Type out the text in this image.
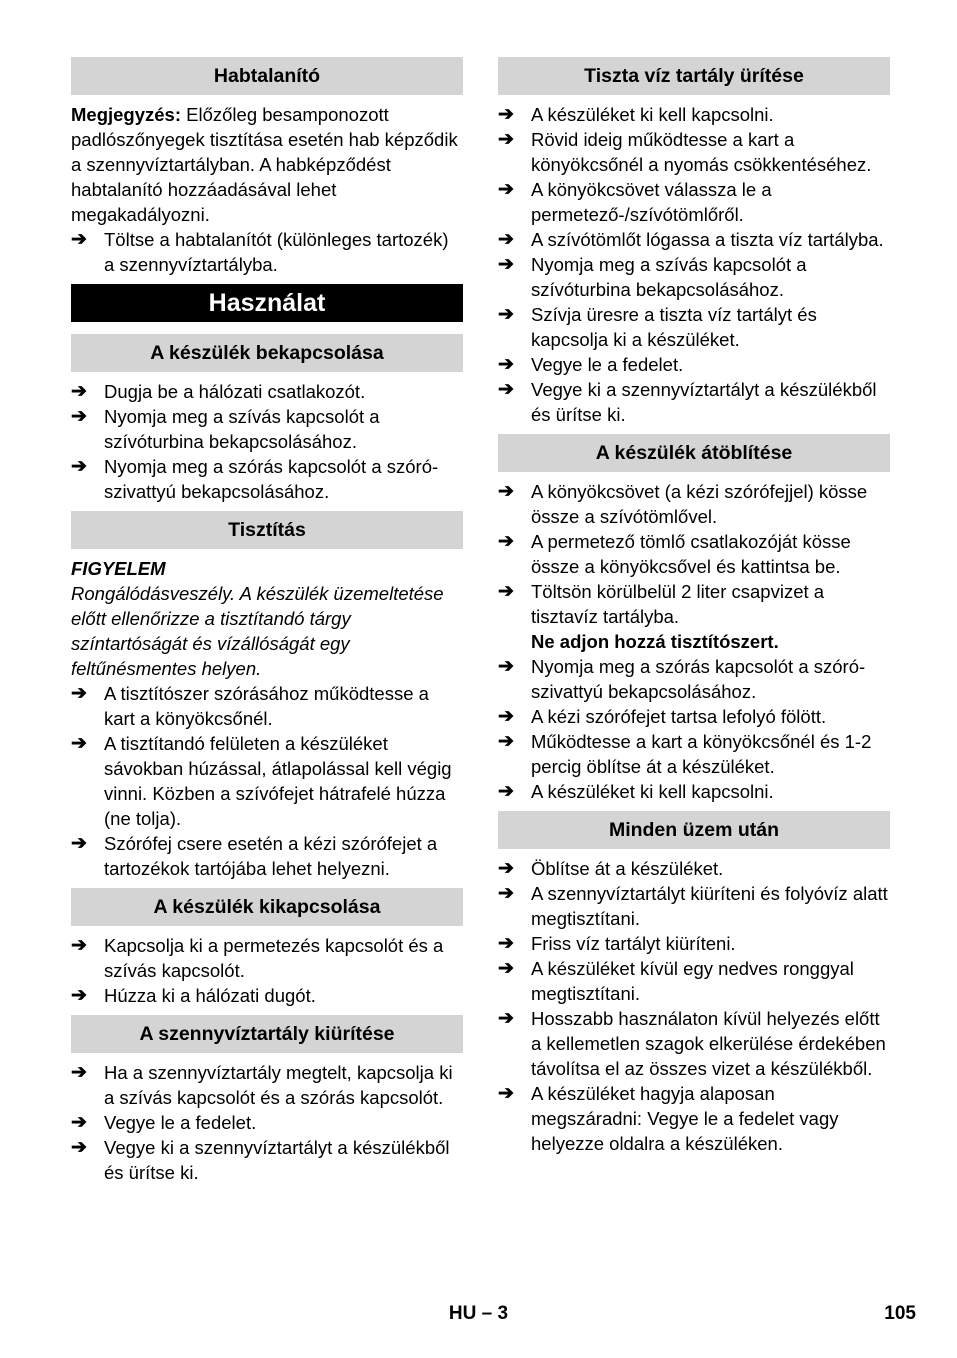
Habtalanító
Megjegyzés: Előzőleg besamponozott padlószőnyegek tisztítása esetén hab képződik a szennyvíztartályban. A habképződést habtalanító hozzáadásával lehet megakadályozni.
➔ Töltse a habtalanítót (különleges tartozék) a szennyvíztartályba.
Használat
A készülék bekapcsolása
➔ Dugja be a hálózati csatlakozót.
➔ Nyomja meg a szívás kapcsolót a szívóturbina bekapcsolásához.
➔ Nyomja meg a szórás kapcsolót a szóró-szivattyú bekapcsolásához.
Tisztítás
FIGYELEM
Rongálódásveszély. A készülék üzemeltetése előtt ellenőrizze a tisztítandó tárgy színtartóságát és vízállóságát egy feltűnésmentes helyen.
➔ A tisztítószer szórásához működtesse a kart a könyökcsőnél.
➔ A tisztítandó felületen a készüléket sávokban húzással, átlapolással kell végig vinni. Közben a szívófejet hátrafelé húzza (ne tolja).
➔ Szórófej csere esetén a kézi szórófejet a tartozékok tartójába lehet helyezni.
A készülék kikapcsolása
➔ Kapcsolja ki a permetezés kapcsolót és a szívás kapcsolót.
➔ Húzza ki a hálózati dugót.
A szennyvíztartály kiürítése
➔ Ha a szennyvíztartály megtelt, kapcsolja ki a szívás kapcsolót és a szórás kapcsolót.
➔ Vegye le a fedelet.
➔ Vegye ki a szennyvíztartályt a készülékből és ürítse ki.
Tiszta víz tartály ürítése
➔ A készüléket ki kell kapcsolni.
➔ Rövid ideig működtesse a kart a könyökcsőnél a nyomás csökkentéséhez.
➔ A könyökcsövet válassza le a permetező-/szívótömlőről.
➔ A szívótömlőt lógassa a tiszta víz tartályba.
➔ Nyomja meg a szívás kapcsolót a szívóturbina bekapcsolásához.
➔ Szívja üresre a tiszta víz tartályt és kapcsolja ki a készüléket.
➔ Vegye le a fedelet.
➔ Vegye ki a szennyvíztartályt a készülékből és ürítse ki.
A készülék átöblítése
➔ A könyökcsövet (a kézi szórófejjel) kösse össze a szívótömlővel.
➔ A permetező tömlő csatlakozóját kösse össze a könyökcsővel és kattintsa be.
➔ Töltsön körülbelül 2 liter csapvizet a tisztavíz tartályba.
Ne adjon hozzá tisztítószert.
➔ Nyomja meg a szórás kapcsolót a szóró-szivattyú bekapcsolásához.
➔ A kézi szórófejet tartsa lefolyó fölött.
➔ Működtesse a kart a könyökcsőnél és 1-2 percig öblítse át a készüléket.
➔ A készüléket ki kell kapcsolni.
Minden üzem után
➔ Öblítse át a készüléket.
➔ A szennyvíztartályt kiüríteni és folyóvíz alatt megtisztítani.
➔ Friss víz tartályt kiüríteni.
➔ A készüléket kívül egy nedves ronggyal megtisztítani.
➔ Hosszabb használaton kívül helyezés előtt a kellemetlen szagok elkerülése érdekében távolítsa el az összes vizet a készülékből.
➔ A készüléket hagyja alaposan megszáradni: Vegye le a fedelet vagy helyezze oldalra a készüléken.
HU – 3	105
